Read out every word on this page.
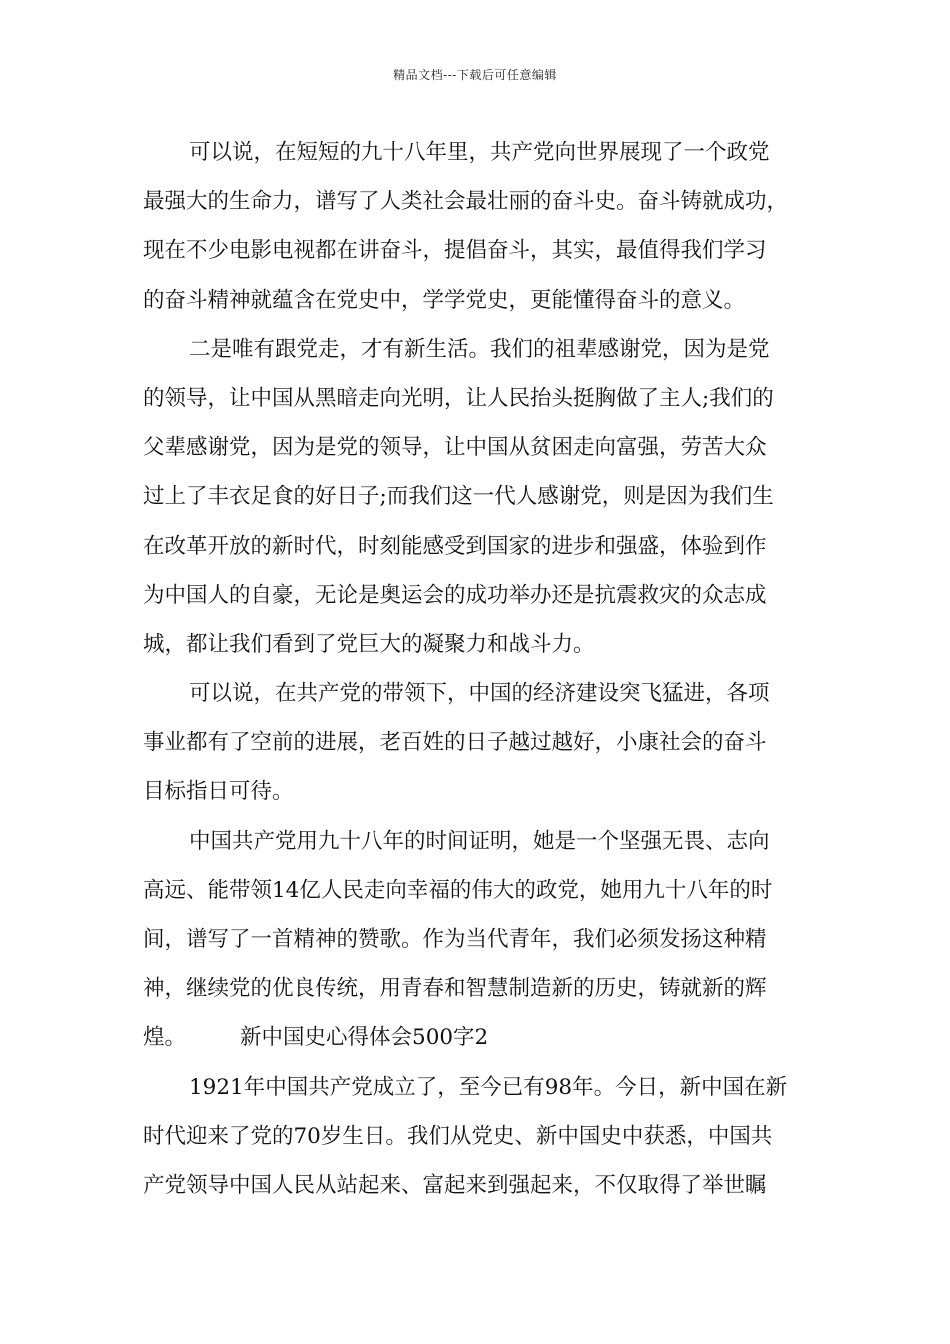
精品文档---下载后可任意编辑
可以说，在短短的九十八年里，共产党向世界展现了一个政党
最强大的生命力，谱写了人类社会最壮丽的奋斗史。奋斗铸就成功，
现在不少电影电视都在讲奋斗，提倡奋斗，其实，最值得我们学习
的奋斗精神就蕴含在党史中，学学党史，更能懂得奋斗的意义。
二是唯有跟党走，才有新生活。我们的祖辈感谢党，因为是党
的领导，让中国从黑暗走向光明，让人民抬头挺胸做了主人;我们的
父辈感谢党，因为是党的领导，让中国从贫困走向富强，劳苦大众
过上了丰衣足食的好日子;而我们这一代人感谢党，则是因为我们生
在改革开放的新时代，时刻能感受到国家的进步和强盛，体验到作
为中国人的自豪，无论是奥运会的成功举办还是抗震救灾的众志成
城，都让我们看到了党巨大的凝聚力和战斗力。
可以说，在共产党的带领下，中国的经济建设突飞猛进，各项
事业都有了空前的进展，老百姓的日子越过越好，小康社会的奋斗
目标指日可待。
中国共产党用九十八年的时间证明，她是一个坚强无畏、志向
高远、能带领14亿人民走向幸福的伟大的政党，她用九十八年的时
间，谱写了一首精神的赞歌。作为当代青年，我们必须发扬这种精
神，继续党的优良传统，用青春和智慧制造新的历史，铸就新的辉
煌。	新中国史心得体会500字2
1921年中国共产党成立了，至今已有98年。今日，新中国在新
时代迎来了党的70岁生日。我们从党史、新中国史中获悉，中国共
产党领导中国人民从站起来、富起来到强起来，不仅取得了举世瞩
